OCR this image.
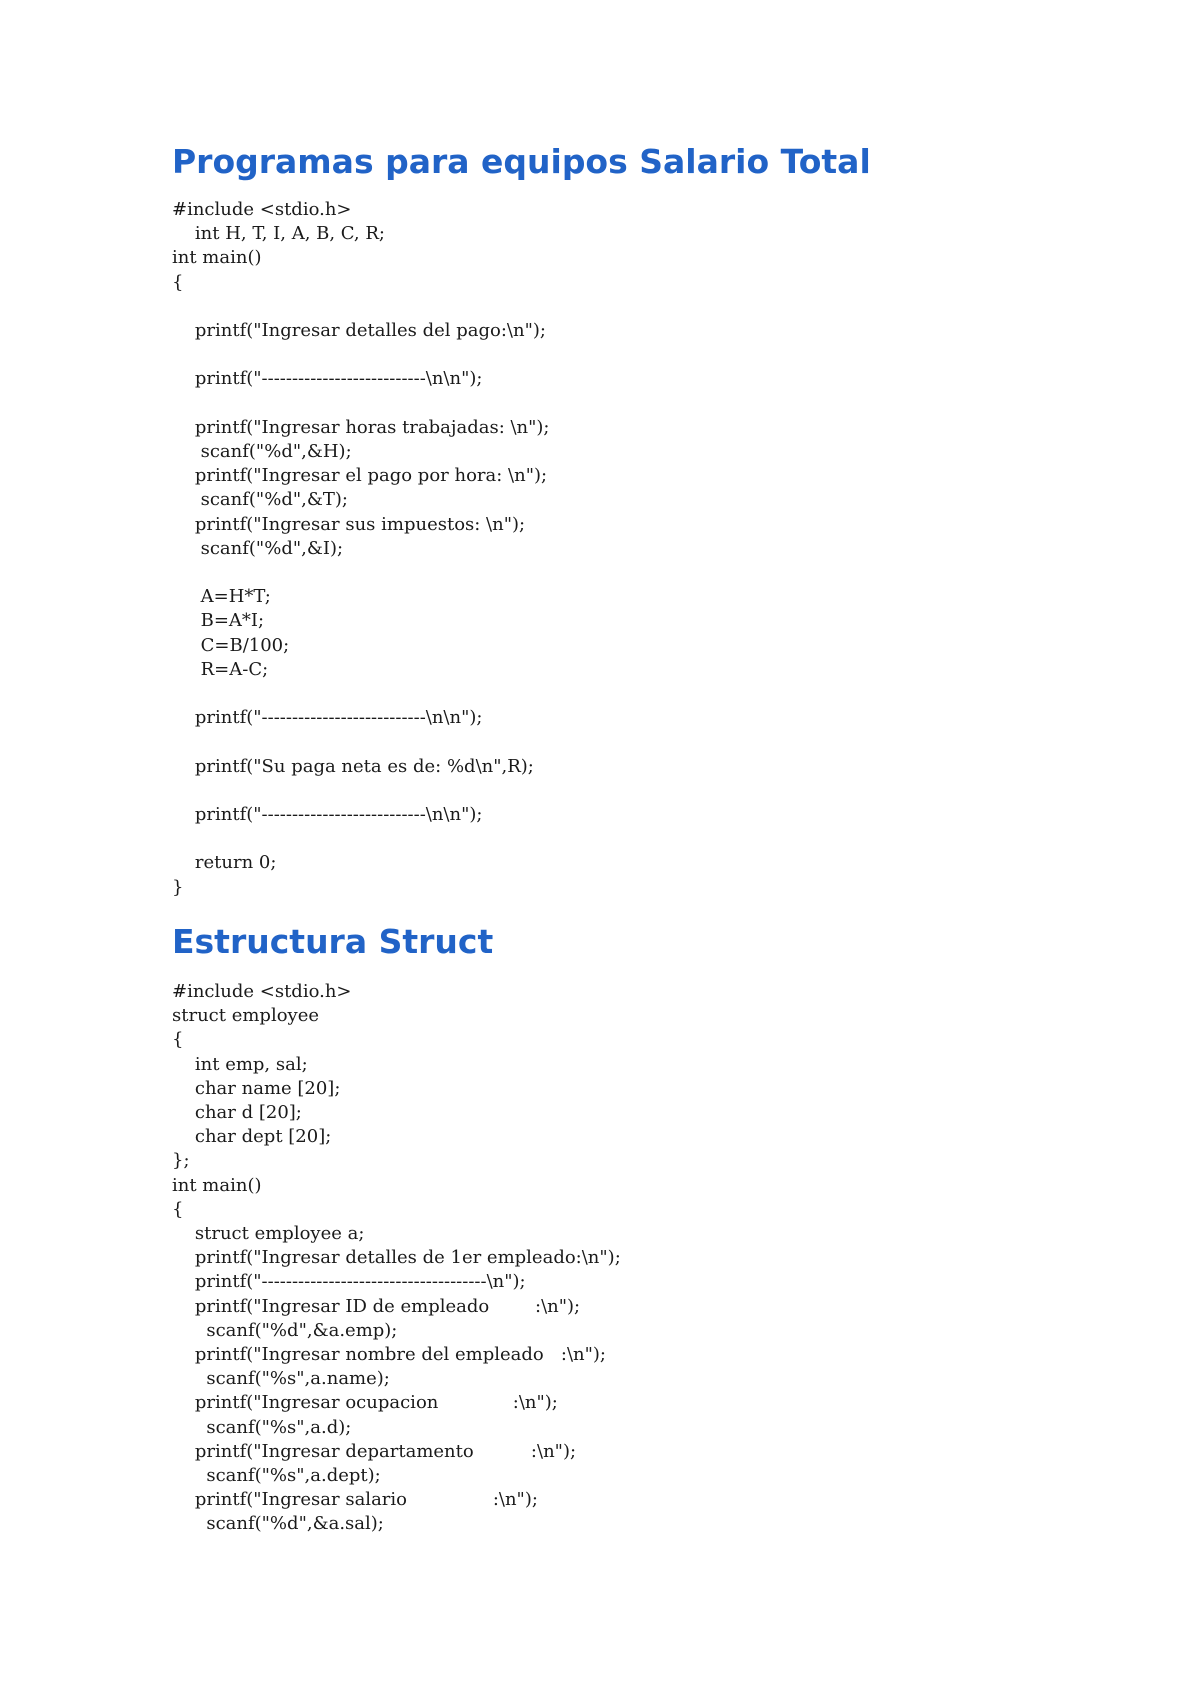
Programas para equipos Salario Total
#include <stdio.h>
int H, T, I, A, B, C, R;
int main()
{

printf("Ingresar detalles del pago:\n");

printf("---------------------------\n\n");

printf("Ingresar horas trabajadas: \n");
scanf("%d",&H);
printf("Ingresar el pago por hora: \n");
scanf("%d",&T);
printf("Ingresar sus impuestos: \n");
scanf("%d",&I);

A=H*T;
B=A*I;
C=B/100;
R=A-C;

printf("---------------------------\n\n");

printf("Su paga neta es de: %d\n",R);

printf("---------------------------\n\n");

return 0;
}
Estructura Struct
#include <stdio.h>
struct employee
{
int emp, sal;
char name [20];
char d [20];
char dept [20];
};
int main()
{
struct employee a;
printf("Ingresar detalles de 1er empleado:\n");
printf("-------------------------------------\n");
printf("Ingresar ID de empleado        :\n");
scanf("%d",&a.emp);
printf("Ingresar nombre del empleado   :\n");
scanf("%s",a.name);
printf("Ingresar ocupacion             :\n");
scanf("%s",a.d);
printf("Ingresar departamento          :\n");
scanf("%s",a.dept);
printf("Ingresar salario               :\n");
scanf("%d",&a.sal);
